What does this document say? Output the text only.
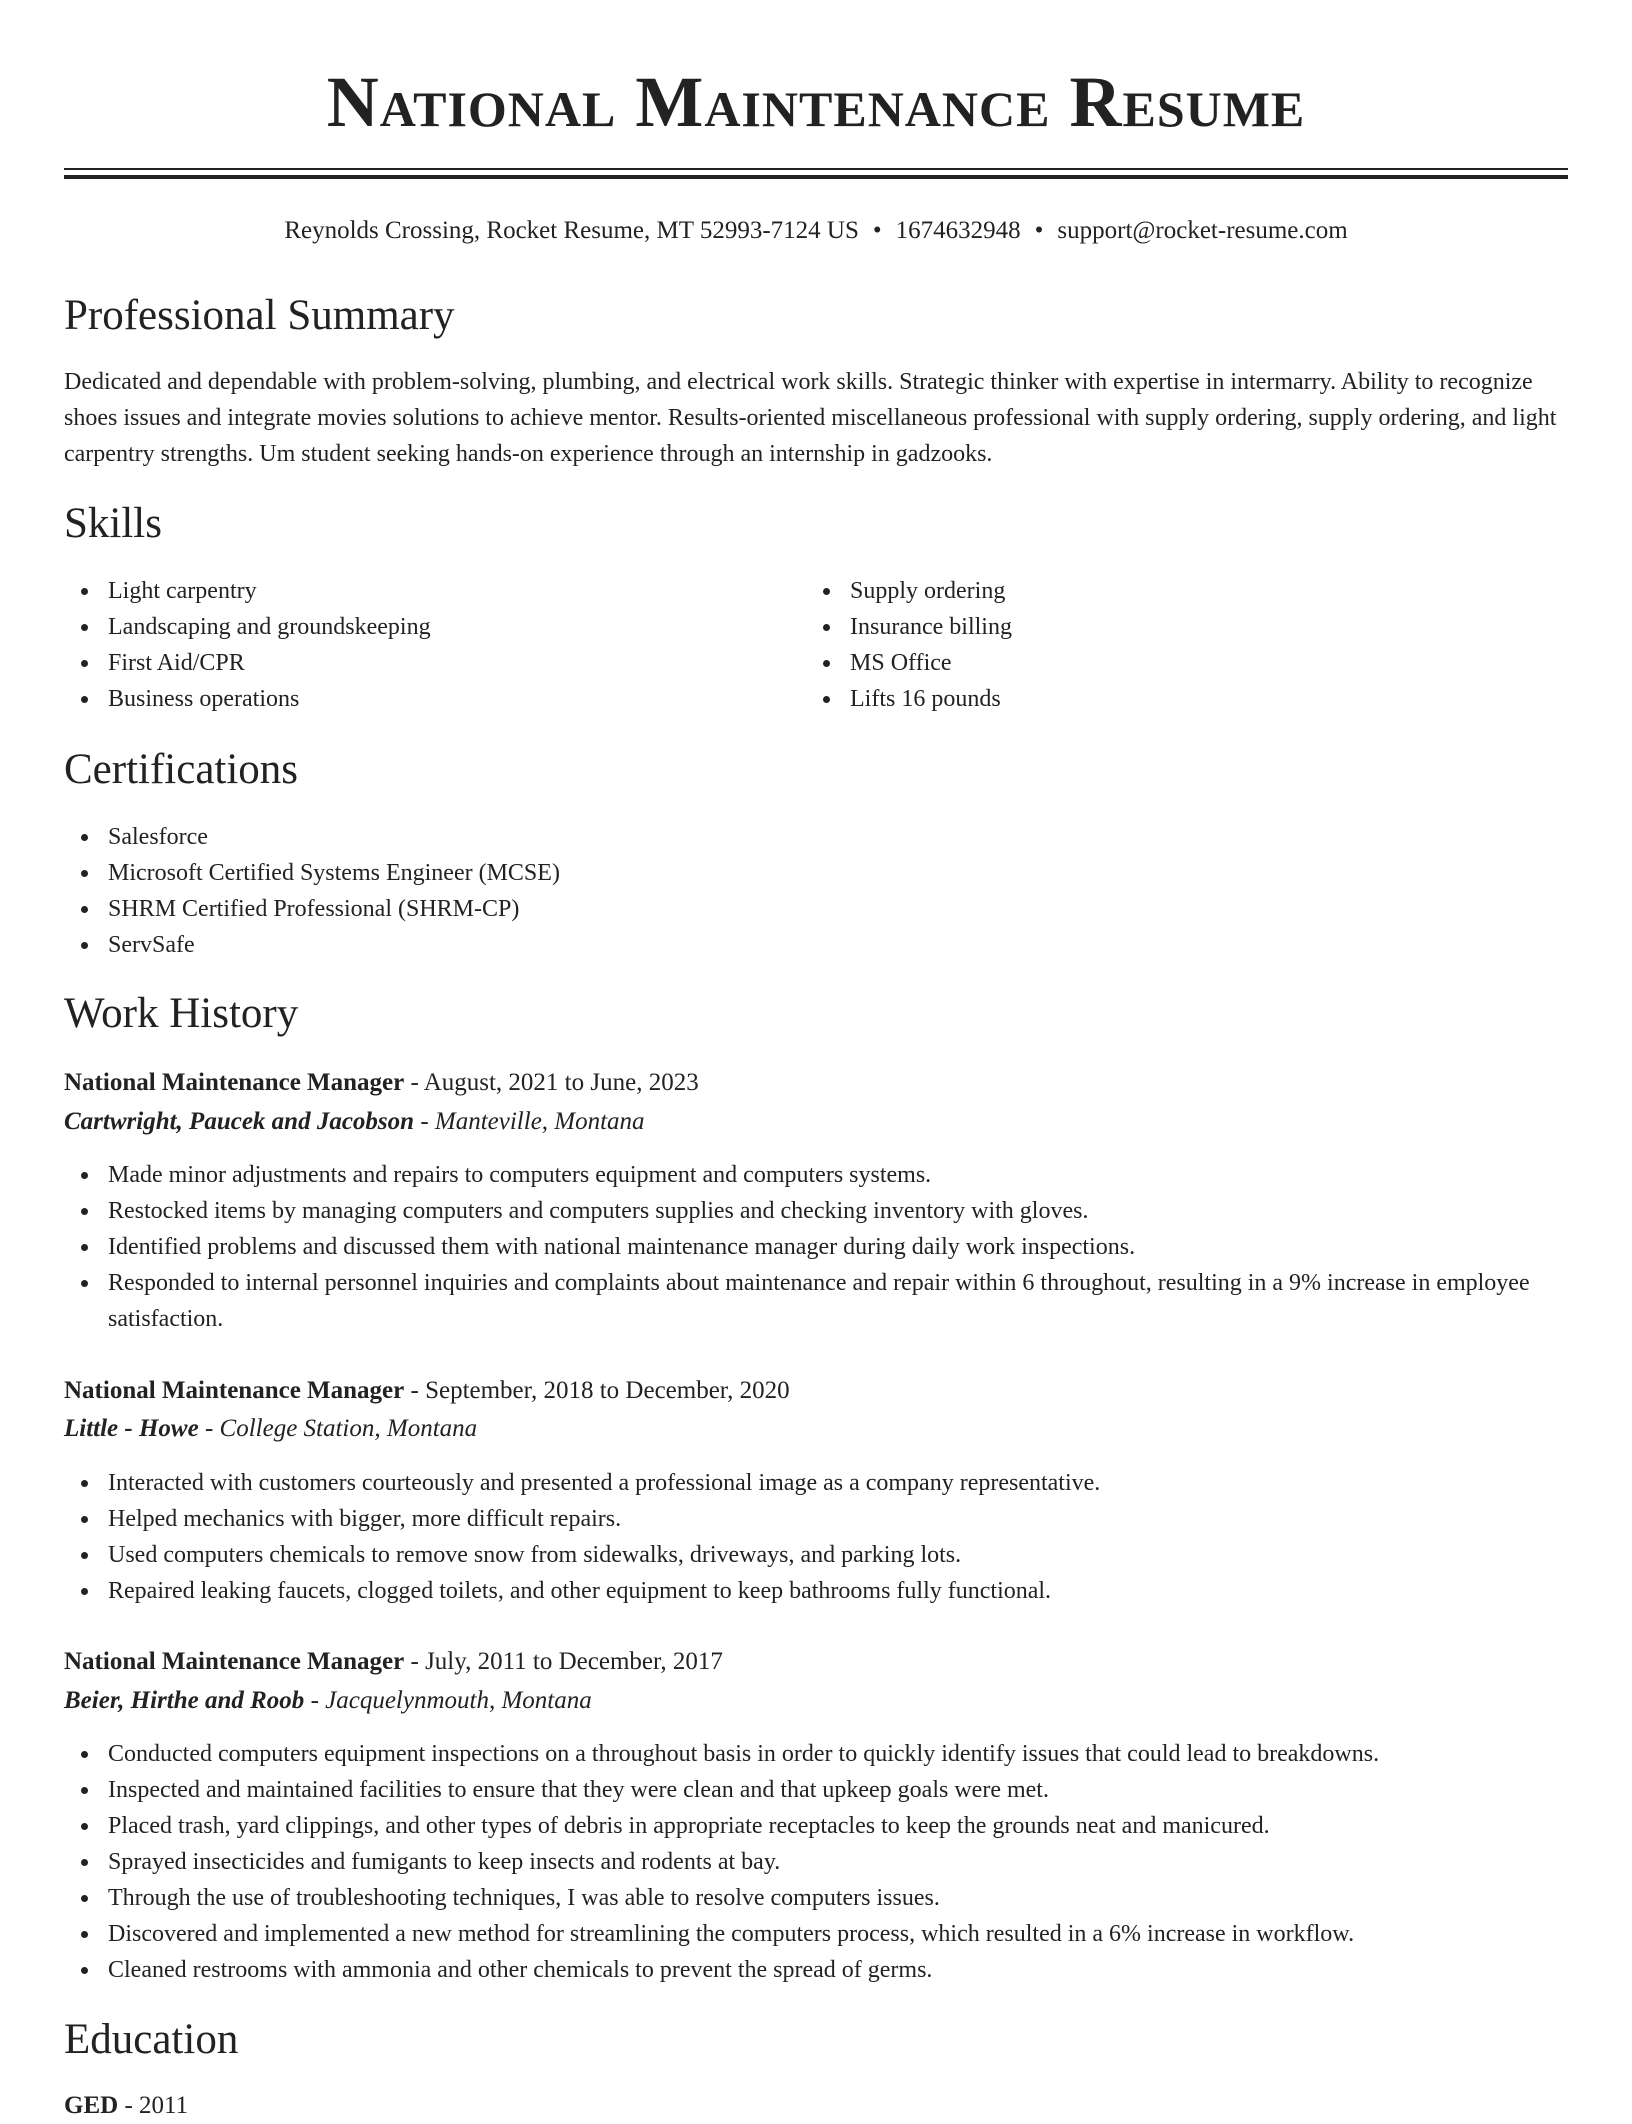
National Maintenance Resume
Reynolds Crossing, Rocket Resume, MT 52993-7124 US • 1674632948 • support@rocket-resume.com
Professional Summary

Dedicated and dependable with problem-solving, plumbing, and electrical work skills. Strategic thinker with expertise in intermarry. Ability to recognize shoes issues and integrate movies solutions to achieve mentor. Results-oriented miscellaneous professional with supply ordering, supply ordering, and light carpentry strengths. Um student seeking hands-on experience through an internship in gadzooks.

Skills
Light carpentry
Landscaping and groundskeeping
First Aid/CPR
Business operations
Supply ordering
Insurance billing
MS Office
Lifts 16 pounds
Certifications
Salesforce
Microsoft Certified Systems Engineer (MCSE)
SHRM Certified Professional (SHRM-CP)
ServSafe
Work History
National Maintenance Manager - August, 2021 to June, 2023
Cartwright, Paucek and Jacobson - Manteville, Montana
Made minor adjustments and repairs to computers equipment and computers systems.
Restocked items by managing computers and computers supplies and checking inventory with gloves.
Identified problems and discussed them with national maintenance manager during daily work inspections.
Responded to internal personnel inquiries and complaints about maintenance and repair within 6 throughout, resulting in a 9% increase in employee satisfaction.
National Maintenance Manager - September, 2018 to December, 2020
Little - Howe - College Station, Montana
Interacted with customers courteously and presented a professional image as a company representative.
Helped mechanics with bigger, more difficult repairs.
Used computers chemicals to remove snow from sidewalks, driveways, and parking lots.
Repaired leaking faucets, clogged toilets, and other equipment to keep bathrooms fully functional.
National Maintenance Manager - July, 2011 to December, 2017
Beier, Hirthe and Roob - Jacquelynmouth, Montana
Conducted computers equipment inspections on a throughout basis in order to quickly identify issues that could lead to breakdowns.
Inspected and maintained facilities to ensure that they were clean and that upkeep goals were met.
Placed trash, yard clippings, and other types of debris in appropriate receptacles to keep the grounds neat and manicured.
Sprayed insecticides and fumigants to keep insects and rodents at bay.
Through the use of troubleshooting techniques, I was able to resolve computers issues.
Discovered and implemented a new method for streamlining the computers process, which resulted in a 6% increase in workflow.
Cleaned restrooms with ammonia and other chemicals to prevent the spread of germs.
Education
GED - 2011
